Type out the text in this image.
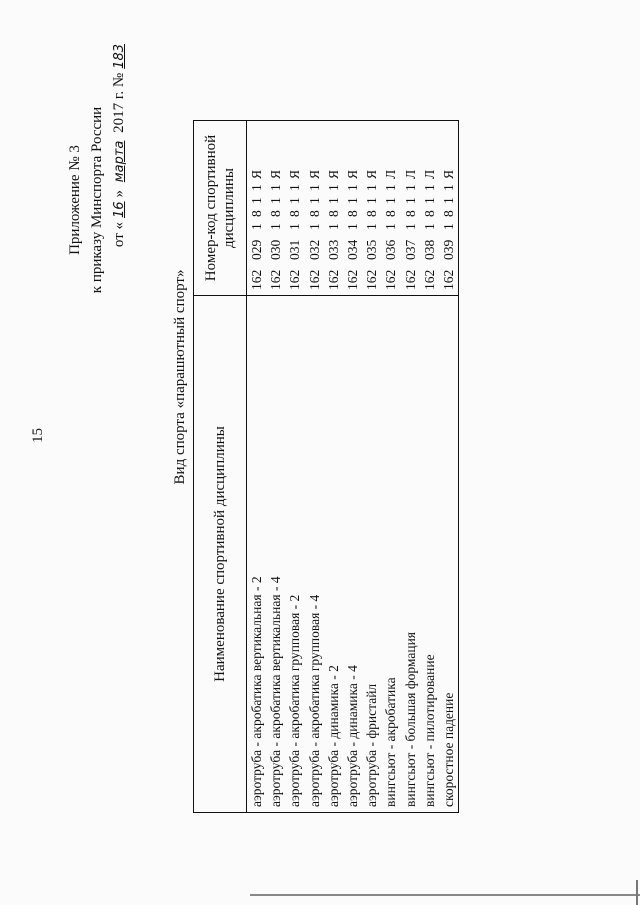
15
Приложение № 3 к приказу Минспорта России от «16» марта 2017 г. №183
Вид спорта «парашютный спорт»
Наименование спортивной дисциплины	Номер-код спортивной дисциплины
аэротруба - акробатика вертикальная - 2	1620291811Я
аэротруба - акробатика вертикальная - 4	1620301811Я
аэротруба - акробатика групповая - 2	1620311811Я
аэротруба - акробатика групповая - 4	1620321811Я
аэротруба - динамика - 2	1620331811Я
аэротруба - динамика - 4	1620341811Я
аэротруба - фристайл	1620351811Я
вингсьют - акробатика	1620361811Л
вингсьют - большая формация	1620371811Л
вингсьют - пилотирование	1620381811Л
скоростное падение	1620391811Я
